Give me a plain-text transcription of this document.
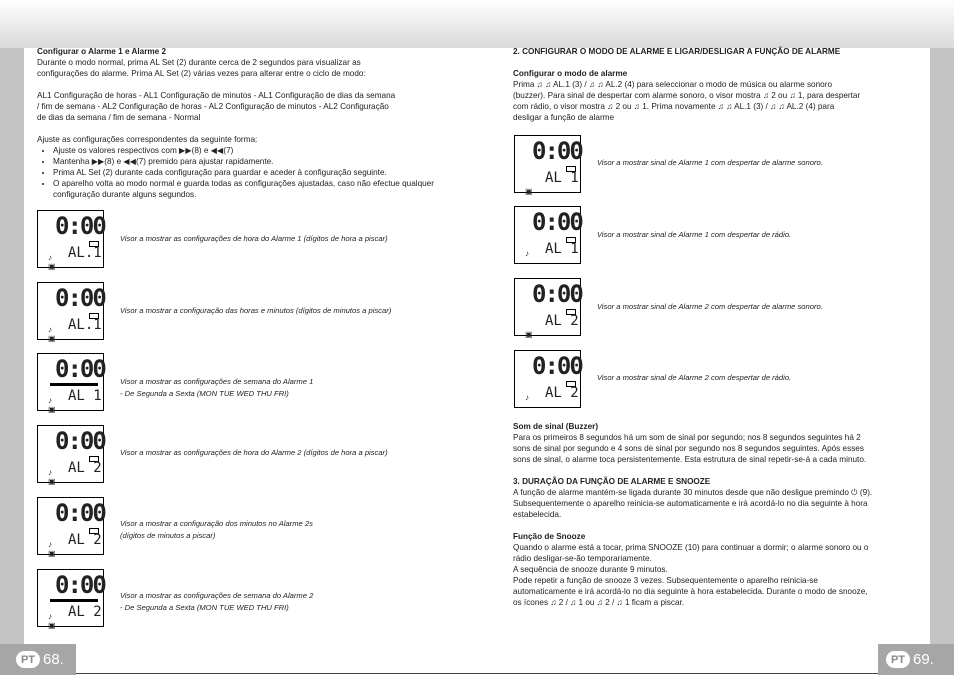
PT 68.	PT 69.

Configurar o Alarme 1 e Alarme 2

Durante o modo normal, prima AL Set (2) durante cerca de 2 segundos para visualizar as

configurações do alarme. Prima AL Set (2) várias vezes para alterar entre o ciclo de modo:

AL1 Configuração de horas - AL1 Configuração de minutos - AL1 Configuração de dias da semana

/ fim de semana - AL2 Configuração de horas - AL2 Configuração de minutos - AL2 Configuração

de dias da semana / fim de semana - Normal

Ajuste as configurações correspondentes da seguinte forma:

• Ajuste os valores respectivos com ▶▶(8) e ◀◀(7)
• Mantenha ▶▶(8) e ◀◀(7) premido para ajustar rapidamente.
• Prima AL Set (2) durante cada configuração para guardar e aceder à configuração seguinte.
• O aparelho volta ao modo normal e guarda todas as configurações ajustadas, caso não efectue qualquer configuração durante alguns segundos.
0:00
♪
▣
AL.1

Visor a mostrar as configurações de hora do Alarme 1 (dígitos de hora a piscar)

0:00
♪
▣
AL.1

Visor a mostrar a configuração das horas e minutos (dígitos de minutos a piscar)

0:00
♪
▣
AL 1

Visor a mostrar as configurações de semana do Alarme 1

- De Segunda a Sexta (MON TUE WED THU FRI)

0:00
♪
▣
AL 2

Visor a mostrar as configurações de hora do Alarme 2 (dígitos de hora a piscar)

0:00
♪
▣
AL 2

Visor a mostrar a configuração dos minutos no Alarme 2s

(dígitos de minutos a piscar)

0:00
♪
▣
AL 2

Visor a mostrar as configurações de semana do Alarme 2

- De Segunda a Sexta (MON TUE WED THU FRI)

2. CONFIGURAR O MODO DE ALARME E LIGAR/DESLIGAR A FUNÇÃO DE ALARME

Configurar o modo de alarme

Prima ♫ ♫ AL.1 (3) / ♫ ♫ AL.2 (4) para seleccionar o modo de música ou alarme sonoro

(buzzer). Para sinal de despertar com alarme sonoro, o visor mostra ♫ 2 ou ♫ 1, para despertar

com rádio, o visor mostra ♫ 2 ou ♫ 1. Prima novamente ♫ ♫ AL.1 (3) / ♫ ♫ AL.2 (4) para

desligar a função de alarme

0:00

▣
AL 1

Visor a mostrar sinal de Alarme 1 com despertar de alarme sonoro.

0:00
♪ AL 1

Visor a mostrar sinal de Alarme 1 com despertar de rádio.

0:00

▣
AL 2

Visor a mostrar sinal de Alarme 2 com despertar de alarme sonoro.

0:00
♪ AL 2

Visor a mostrar sinal de Alarme 2 com despertar de rádio.

Som de sinal (Buzzer)

Para os primeiros 8 segundos há um som de sinal por segundo; nos 8 segundos seguintes há 2

sons de sinal por segundo e 4 sons de sinal por segundo nos 8 segundos seguintes. Após esses

sons de sinal, o alarme toca persistentemente. Esta estrutura de sinal repetir-se-á a cada minuto.

3. DURAÇÃO DA FUNÇÃO DE ALARME E SNOOZE

A função de alarme mantém-se ligada durante 30 minutos desde que não desligue premindo ⏻ (9).

Subsequentemente o aparelho reinicia-se automaticamente e irá acordá-lo no dia seguinte à hora

estabelecida.

Função de Snooze

Quando o alarme está a tocar, prima SNOOZE (10) para continuar a dormir; o alarme sonoro ou o

rádio desligar-se-ão temporariamente.

A sequência de snooze durante 9 minutos.

Pode repetir a função de snooze 3 vezes. Subsequentemente o aparelho reinicia-se

automaticamente e irá acordá-lo no dia seguinte à hora estabelecida. Durante o modo de snooze,

os ícones ♫ 2 / ♫ 1 ou ♫ 2 / ♫ 1 ficam a piscar.
